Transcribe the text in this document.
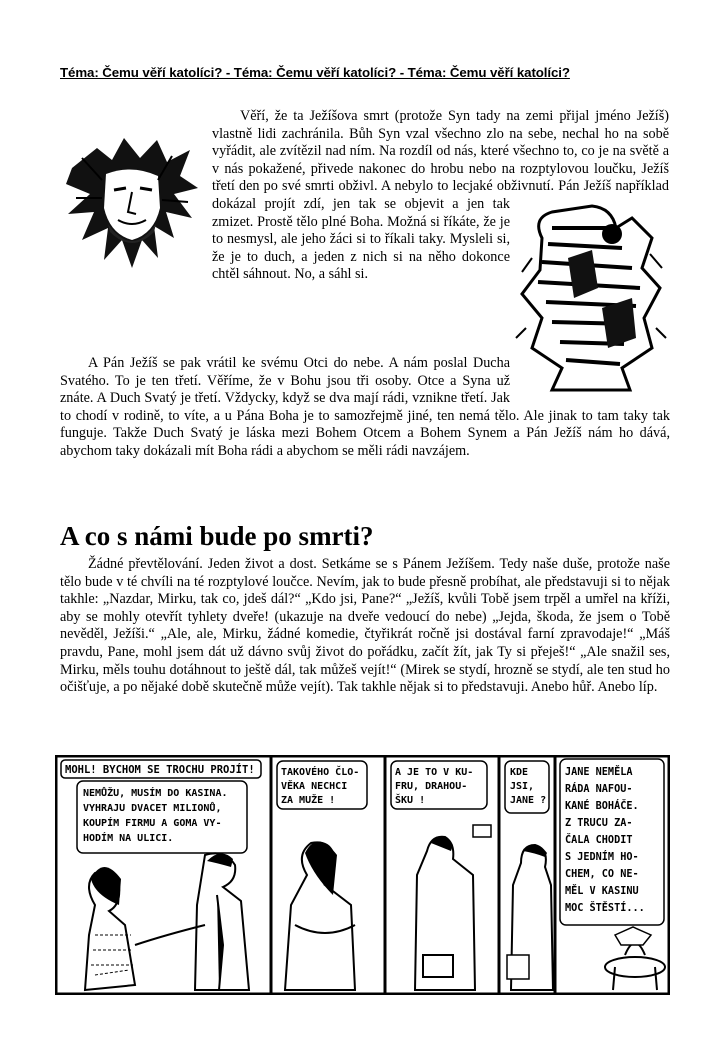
Téma: Čemu věří katolíci? - Téma: Čemu věří katolíci? - Téma: Čemu věří katolíci?
Věří, že ta Ježíšova smrt (protože Syn tady na zemi přijal jméno Ježíš) vlastně lidi zachránila. Bůh Syn vzal všechno zlo na sebe, nechal ho na sobě vyřádit, ale zvítězil nad ním. Na rozdíl od nás, které všechno to, co je na světě a v nás pokažené, přivede nakonec do hrobu nebo na rozptylovou loučku, Ježíš třetí den po své smrti obživl. A nebylo to lecjaké obživnutí. Pán Ježíš například dokázal projít zdí, jen tak se objevit a jen tak zmizet. Prostě tělo plné Boha. Možná si říkáte, že je to nesmysl, ale jeho žáci si to říkali taky. Mysleli si, že je to duch, a jeden z nich si na něho dokonce chtěl sáhnout. No, a sáhl si.
A Pán Ježíš se pak vrátil ke svému Otci do nebe. A nám poslal Ducha Svatého. To je ten třetí. Věříme, že v Bohu jsou tři osoby. Otce a Syna už znáte. A Duch Svatý je třetí. Vždycky, když se dva mají rádi, vznikne třetí. Jak to chodí v rodině, to víte, a u Pána Boha je to samozřejmě jiné, ten nemá tělo. Ale jinak to tam taky tak funguje. Takže Duch Svatý je láska mezi Bohem Otcem a Bohem Synem a Pán Ježíš nám ho dává, abychom taky dokázali mít Boha rádi a abychom se měli rádi navzájem.
A co s námi bude po smrti?
Žádné převtělování. Jeden život a dost. Setkáme se s Pánem Ježíšem. Tedy naše duše, protože naše tělo bude v té chvíli na té rozptylové loučce. Nevím, jak to bude přesně probíhat, ale představuji si to nějak takhle: „Nazdar, Mirku, tak co, jdeš dál?“ „Kdo jsi, Pane?“ „Ježíš, kvůli Tobě jsem trpěl a umřel na kříži, aby se mohly otevřít tyhlety dveře! (ukazuje na dveře vedoucí do nebe) „Jejda, škoda, že jsem o Tobě nevěděl, Ježíši.“ „Ale, ale, Mirku, žádné komedie, čtyřikrát ročně jsi dostával farní zpravodaje!“ „Máš pravdu, Pane, mohl jsem dát už dávno svůj život do pořádku, začít žít, jak Ty si přeješ!“ „Ale snažil ses, Mirku, měls touhu dotáhnout to ještě dál, tak můžeš vejít!“ (Mirek se stydí, hrozně se stydí, ale ten stud ho očišťuje, a po nějaké době skutečně může vejít). Tak takhle nějak si to představuji. Anebo hůř. Anebo líp.
MOHL! BYCHOM SE TROCHU PROJÍT!
NEMŮŽU, MUSÍM DO KASINA.
VYHRAJU DVACET MILIONŮ,
KOUPÍM FIRMU A GOMA VY-
HODÍM NA ULICI.
TAKOVÉHO ČLO-
VĚKA NECHCI
ZA MUŽE !
A JE TO V KU-
FRU, DRAHOU-
ŠKU !
KDE
JSI,
JANE ?
JANE NEMĚLA
RÁDA NAFOU-
KANÉ BOHÁČE.
Z TRUCU ZA-
ČALA CHODIT
S JEDNÍM HO-
CHEM, CO NE-
MĚL V KASINU
MOC ŠTĚSTÍ...
